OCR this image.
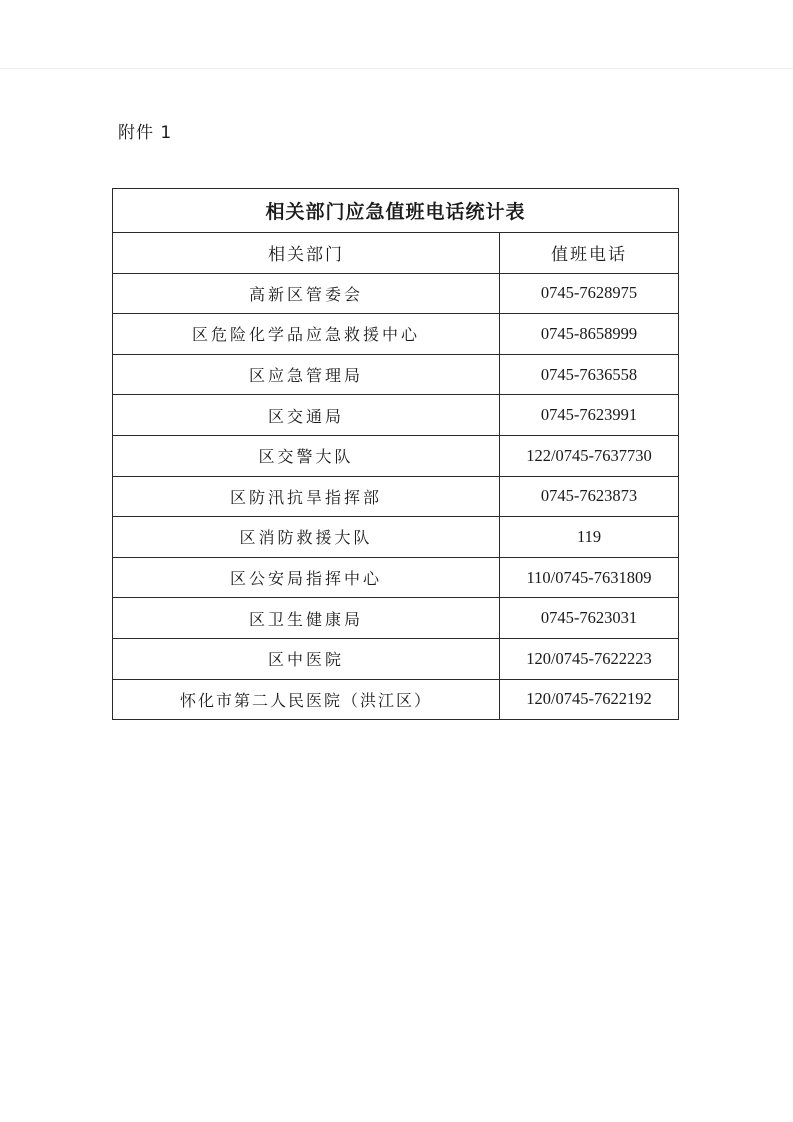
附件 1
相关部门应急值班电话统计表	
相关部门	值班电话
高新区管委会	0745-7628975
区危险化学品应急救援中心	0745-8658999
区应急管理局	0745-7636558
区交通局	0745-7623991
区交警大队	122/0745-7637730
区防汛抗旱指挥部	0745-7623873
区消防救援大队	119
区公安局指挥中心	110/0745-7631809
区卫生健康局	0745-7623031
区中医院	120/0745-7622223
怀化市第二人民医院（洪江区）	120/0745-7622192
